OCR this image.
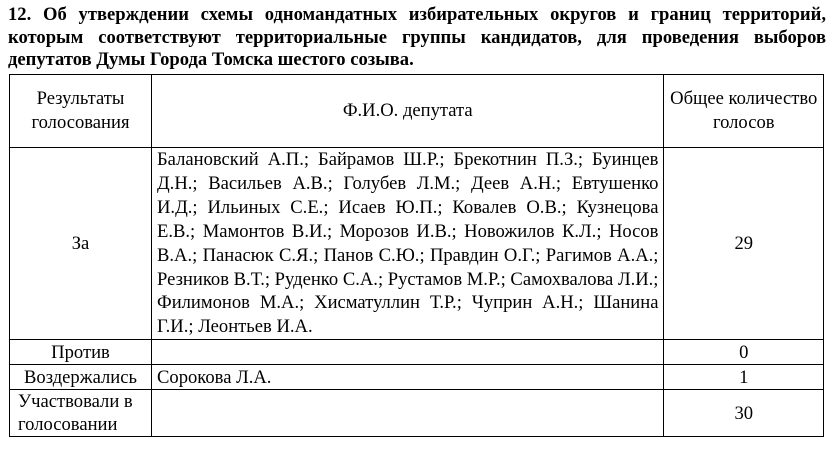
12. Об утверждении схемы одномандатных избирательных округов и границ территорий, которым соответствуют территориальные группы кандидатов, для проведения выборов депутатов Думы Города Томска шестого созыва.

Результаты голосования	Ф.И.О. депутата	Общее количество голосов
За	Балановский А.П.; Байрамов Ш.Р.; Брекотнин П.З.; Буинцев Д.Н.; Васильев А.В.; Голубев Л.М.; Деев А.Н.; Евтушенко И.Д.; Ильиных С.Е.; Исаев Ю.П.; Ковалев О.В.; Кузнецова Е.В.; Мамонтов В.И.; Морозов И.В.; Новожилов К.Л.; Носов В.А.; Панасюк С.Я.; Панов С.Ю.; Правдин О.Г.; Рагимов А.А.; Резников В.Т.; Руденко С.А.; Рустамов М.Р.; Самохвалова Л.И.; Филимонов М.А.; Хисматуллин Т.Р.; Чуприн А.Н.; Шанина Г.И.; Леонтьев И.А.	29
Против		0
Воздержались	Сорокова Л.А.	1
Участвовали в голосовании		30
